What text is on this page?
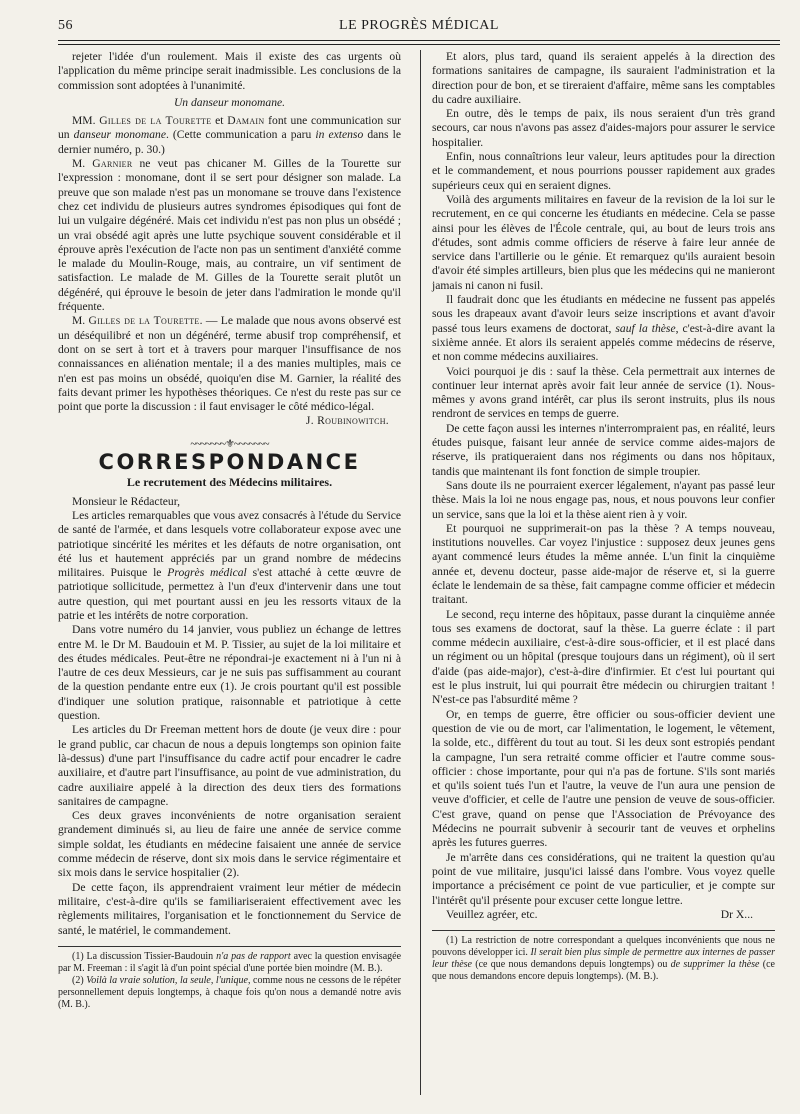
56	LE PROGRÈS MÉDICAL

rejeter l'idée d'un roulement. Mais il existe des cas urgents où l'application du même principe serait inadmissible. Les conclusions de la commission sont adoptées à l'unanimité.

Un danseur monomane.

MM. Gilles de la Tourette et Damain font une communication sur un danseur monomane. (Cette communication a paru in extenso dans le dernier numéro, p. 30.)

M. Garnier ne veut pas chicaner M. Gilles de la Tourette sur l'expression : monomane, dont il se sert pour désigner son malade. La preuve que son malade n'est pas un monomane se trouve dans l'existence chez cet individu de plusieurs autres syndromes épisodiques qui font de lui un vulgaire dégénéré. Mais cet individu n'est pas non plus un obsédé ; un vrai obsédé agit après une lutte psychique souvent considérable et il éprouve après l'exécution de l'acte non pas un sentiment d'anxiété comme le malade du Moulin-Rouge, mais, au contraire, un vif sentiment de satisfaction. Le malade de M. Gilles de la Tourette serait plutôt un dégénéré, qui éprouve le besoin de jeter dans l'admiration le monde qu'il fréquente.

M. Gilles de la Tourette. — Le malade que nous avons observé est un déséquilibré et non un dégénéré, terme abusif trop compréhensif, et dont on se sert à tort et à travers pour marquer l'insuffisance de nos connaissances en aliénation mentale; il a des manies multiples, mais ce n'en est pas moins un obsédé, quoiqu'en dise M. Garnier, la réalité des faits devant primer les hypothèses théoriques. Ce n'est du reste pas sur ce point que porte la discussion : il faut envisager le côté médico-légal.

J. Roubinowitch.

~~~~~~~⚜~~~~~~~
CORRESPONDANCE
Le recrutement des Médecins militaires.

Monsieur le Rédacteur,

Les articles remarquables que vous avez consacrés à l'étude du Service de santé de l'armée, et dans lesquels votre collaborateur expose avec une patriotique sincérité les mérites et les défauts de notre organisation, ont été lus et hautement appréciés par un grand nombre de médecins militaires. Puisque le Progrès médical s'est attaché à cette œuvre de patriotique sollicitude, permettez à l'un d'eux d'intervenir dans une tout autre question, qui met pourtant aussi en jeu les ressorts vitaux de la patrie et les intérêts de notre corporation.

Dans votre numéro du 14 janvier, vous publiez un échange de lettres entre M. le Dr M. Baudouin et M. P. Tissier, au sujet de la loi militaire et des études médicales. Peut-être ne répondrai-je exactement ni à l'un ni à l'autre de ces deux Messieurs, car je ne suis pas suffisamment au courant de la question pendante entre eux (1). Je crois pourtant qu'il est possible d'indiquer une solution pratique, raisonnable et patriotique à cette question.

Les articles du Dr Freeman mettent hors de doute (je veux dire : pour le grand public, car chacun de nous a depuis longtemps son opinion faite là-dessus) d'une part l'insuffisance du cadre actif pour encadrer le cadre auxiliaire, et d'autre part l'insuffisance, au point de vue administration, du cadre auxiliaire appelé à la direction des deux tiers des formations sanitaires de campagne.

Ces deux graves inconvénients de notre organisation seraient grandement diminués si, au lieu de faire une année de service comme simple soldat, les étudiants en médecine faisaient une année de service comme médecin de réserve, dont six mois dans le service régimentaire et six mois dans le service hospitalier (2).

De cette façon, ils apprendraient vraiment leur métier de médecin militaire, c'est-à-dire qu'ils se familiariseraient effectivement avec les règlements militaires, l'organisation et le fonctionnement du Service de santé, le matériel, le commandement.

(1) La discussion Tissier-Baudouin n'a pas de rapport avec la question envisagée par M. Freeman : il s'agit là d'un point spécial d'une portée bien moindre (M. B.).

(2) Voilà la vraie solution, la seule, l'unique, comme nous ne cessons de le répéter personnellement depuis longtemps, à chaque fois qu'on nous a demandé notre avis (M. B.).

Et alors, plus tard, quand ils seraient appelés à la direction des formations sanitaires de campagne, ils sauraient l'administration et la direction pour de bon, et se tireraient d'affaire, même sans les comptables du cadre auxiliaire.

En outre, dès le temps de paix, ils nous seraient d'un très grand secours, car nous n'avons pas assez d'aides-majors pour assurer le service hospitalier.

Enfin, nous connaîtrions leur valeur, leurs aptitudes pour la direction et le commandement, et nous pourrions pousser rapidement aux grades supérieurs ceux qui en seraient dignes.

Voilà des arguments militaires en faveur de la revision de la loi sur le recrutement, en ce qui concerne les étudiants en médecine. Cela se passe ainsi pour les élèves de l'École centrale, qui, au bout de leurs trois ans d'études, sont admis comme officiers de réserve à faire leur année de service dans l'artillerie ou le génie. Et remarquez qu'ils auraient besoin d'avoir été simples artilleurs, bien plus que les médecins qui ne manieront jamais ni canon ni fusil.

Il faudrait donc que les étudiants en médecine ne fussent pas appelés sous les drapeaux avant d'avoir leurs seize inscriptions et avant d'avoir passé tous leurs examens de doctorat, sauf la thèse, c'est-à-dire avant la sixième année. Et alors ils seraient appelés comme médecins de réserve, et non comme médecins auxiliaires.

Voici pourquoi je dis : sauf la thèse. Cela permettrait aux internes de continuer leur internat après avoir fait leur année de service (1). Nous-mêmes y avons grand intérêt, car plus ils seront instruits, plus ils nous rendront de services en temps de guerre.

De cette façon aussi les internes n'interrompraient pas, en réalité, leurs études puisque, faisant leur année de service comme aides-majors de réserve, ils pratiqueraient dans nos régiments ou dans nos hôpitaux, tandis que maintenant ils font fonction de simple troupier.

Sans doute ils ne pourraient exercer légalement, n'ayant pas passé leur thèse. Mais la loi ne nous engage pas, nous, et nous pouvons leur confier un service, sans que la loi et la thèse aient rien à y voir.

Et pourquoi ne supprimerait-on pas la thèse ? A temps nouveau, institutions nouvelles. Car voyez l'injustice : supposez deux jeunes gens ayant commencé leurs études la même année. L'un finit la cinquième année et, devenu docteur, passe aide-major de réserve et, si la guerre éclate le lendemain de sa thèse, fait campagne comme officier et médecin traitant.

Le second, reçu interne des hôpitaux, passe durant la cinquième année tous ses examens de doctorat, sauf la thèse. La guerre éclate : il part comme médecin auxiliaire, c'est-à-dire sous-officier, et il est placé dans un régiment ou un hôpital (presque toujours dans un régiment), où il sert d'aide (pas aide-major), c'est-à-dire d'infirmier. Et c'est lui pourtant qui est le plus instruit, lui qui pourrait être médecin ou chirurgien traitant ! N'est-ce pas l'absurdité même ?

Or, en temps de guerre, être officier ou sous-officier devient une question de vie ou de mort, car l'alimentation, le logement, le vêtement, la solde, etc., diffèrent du tout au tout. Si les deux sont estropiés pendant la campagne, l'un sera retraité comme officier et l'autre comme sous-officier : chose importante, pour qui n'a pas de fortune. S'ils sont mariés et qu'ils soient tués l'un et l'autre, la veuve de l'un aura une pension de veuve d'officier, et celle de l'autre une pension de veuve de sous-officier. C'est grave, quand on pense que l'Association de Prévoyance des Médecins ne pourrait subvenir à secourir tant de veuves et orphelins après les futures guerres.

Je m'arrête dans ces considérations, qui ne traitent la question qu'au point de vue militaire, jusqu'ici laissé dans l'ombre. Vous voyez quelle importance a précisément ce point de vue particulier, et je compte sur l'intérêt qu'il présente pour excuser cette longue lettre.

Veuillez agréer, etc.	Dr X...

(1) La restriction de notre correspondant a quelques inconvénients que nous ne pouvons développer ici. Il serait bien plus simple de permettre aux internes de passer leur thèse (ce que nous demandons depuis longtemps) ou de supprimer la thèse (ce que nous demandons encore depuis longtemps). (M. B.).
